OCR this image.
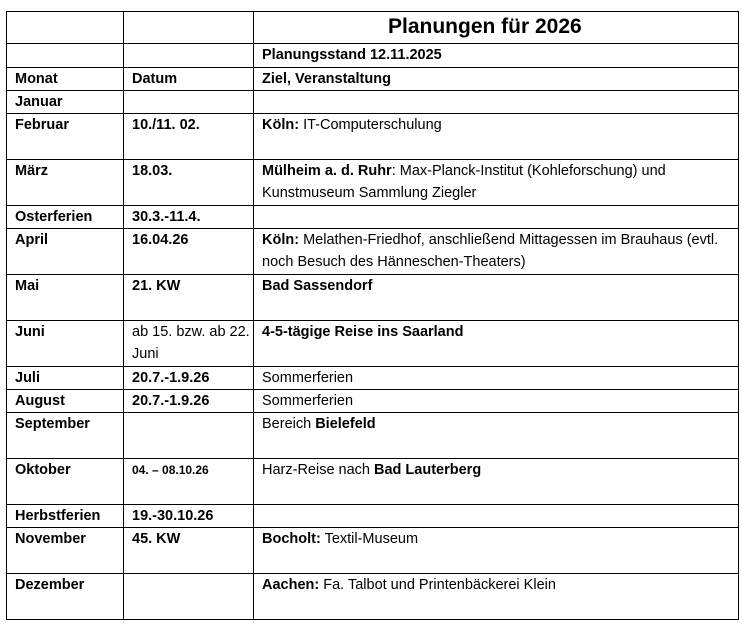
		Planungen für 2026
		Planungsstand 12.11.2025
Monat	Datum	Ziel, Veranstaltung
Januar		
Februar	10./11. 02.	Köln: IT-Computerschulung
März	18.03.	Mülheim a. d. Ruhr: Max-Planck-Institut (Kohleforschung) und Kunstmuseum Sammlung Ziegler
Osterferien	30.3.-11.4.	
April	16.04.26	Köln: Melathen-Friedhof, anschließend Mittagessen im Brauhaus (evtl. noch Besuch des Hänneschen-Theaters)
Mai	21. KW	Bad Sassendorf
Juni	ab 15. bzw. ab 22. Juni	4-5-tägige Reise ins Saarland
Juli	20.7.-1.9.26	Sommerferien
August	20.7.-1.9.26	Sommerferien
September		Bereich Bielefeld
Oktober	04. – 08.10.26	Harz-Reise nach Bad Lauterberg
Herbstferien	19.-30.10.26	
November	45. KW	Bocholt: Textil-Museum
Dezember		Aachen: Fa. Talbot und Printenbäckerei Klein
